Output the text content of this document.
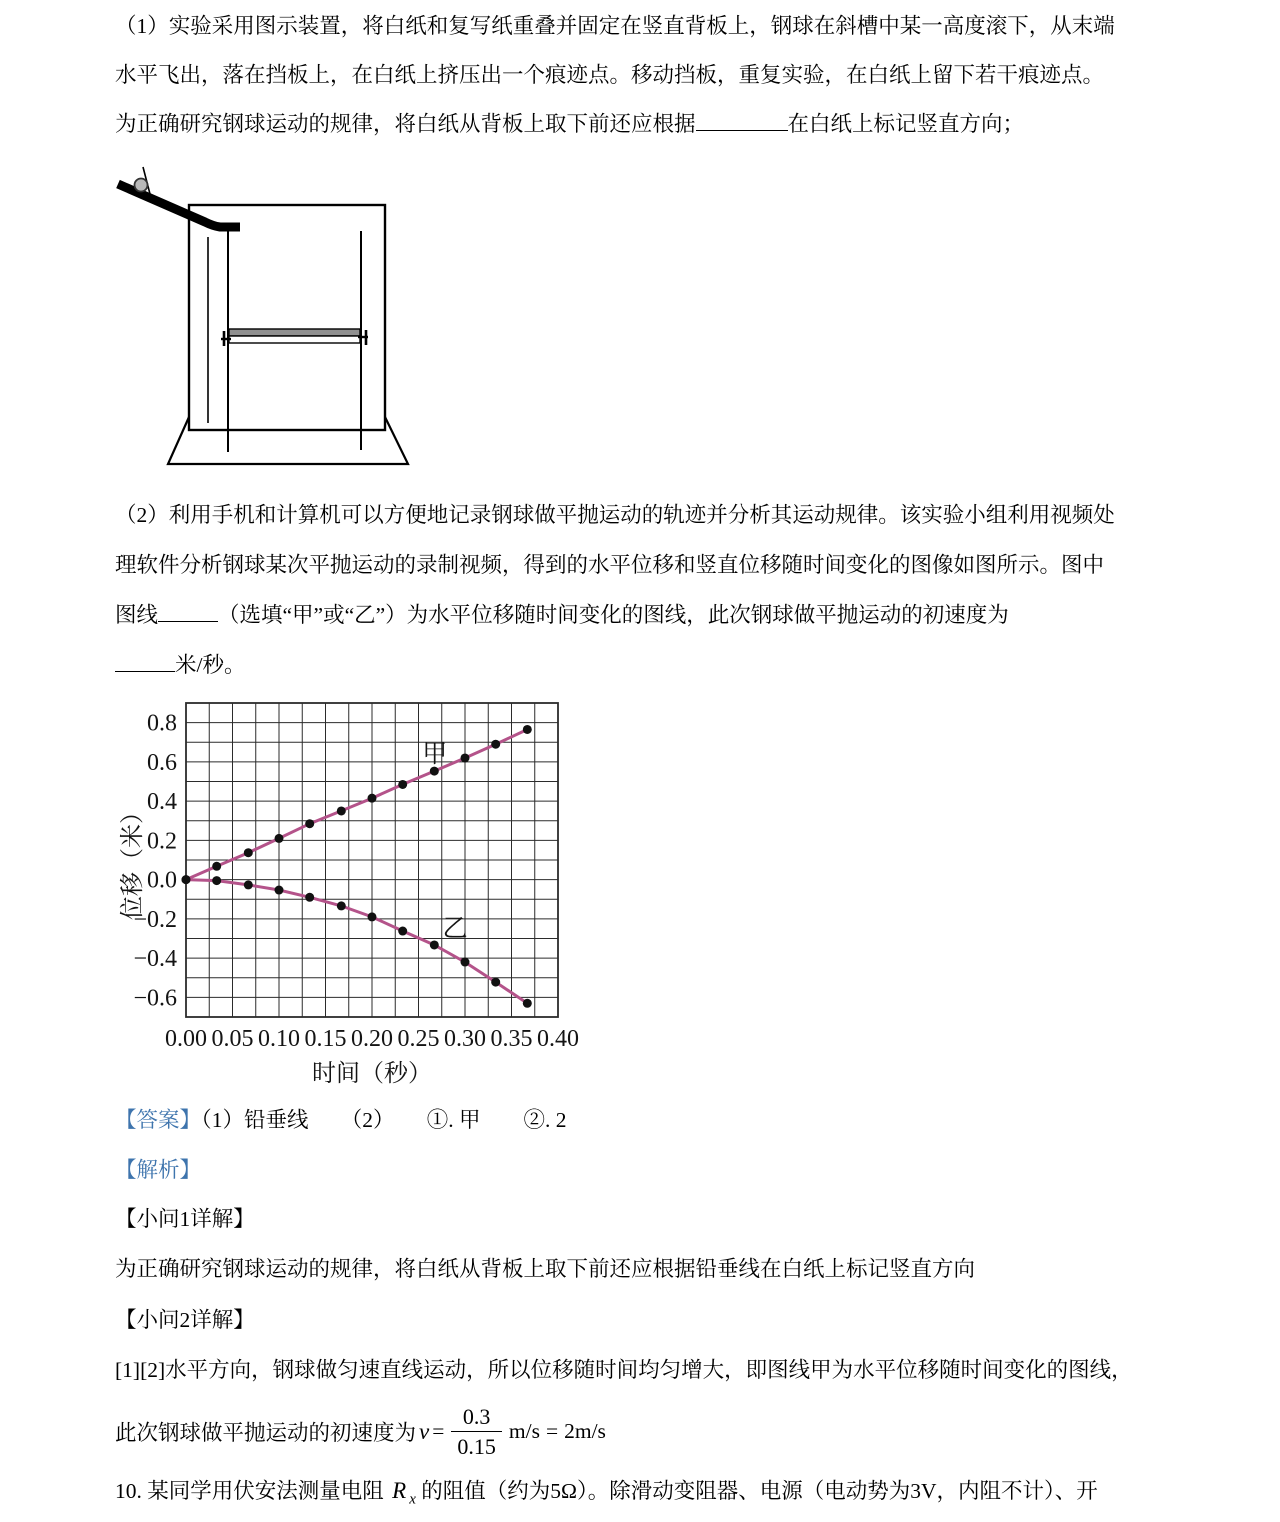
（1）实验采用图示装置，将白纸和复写纸重叠并固定在竖直背板上，钢球在斜槽中某一高度滚下，从末端
水平飞出，落在挡板上，在白纸上挤压出一个痕迹点。移动挡板，重复实验，在白纸上留下若干痕迹点。
为正确研究钢球运动的规律，将白纸从背板上取下前还应根据	在白纸上标记竖直方向；
（2）利用手机和计算机可以方便地记录钢球做平抛运动的轨迹并分析其运动规律。该实验小组利用视频处
理软件分析钢球某次平抛运动的录制视频，得到的水平位移和竖直位移随时间变化的图像如图所示。图中
图线	（选填“甲”或“乙”）为水平位移随时间变化的图线，此次钢球做平抛运动的初速度为
米/秒。
0.8
0.6
0.4
0.2
0.0
−0.2
−0.4
−0.6
0.00 0.05 0.10 0.15 0.20 0.25 0.30 0.35 0.40
时间（秒）
位移（米）
甲
乙
【答案】（1）铅垂线　　（2）　　①. 甲　　②. 2
【解析】
【小问1详解】
为正确研究钢球运动的规律，将白纸从背板上取下前还应根据铅垂线在白纸上标记竖直方向
【小问2详解】
[1][2]水平方向，钢球做匀速直线运动，所以位移随时间均匀增大，即图线甲为水平位移随时间变化的图线，
此次钢球做平抛运动的初速度为 $v = \frac{0.3}{0.15} m/s = 2m/s$
10. 某同学用伏安法测量电阻 R $_x$ 的阻值（约为5Ω）。除滑动变阻器、电源（电动势为3V，内阻不计）、开
